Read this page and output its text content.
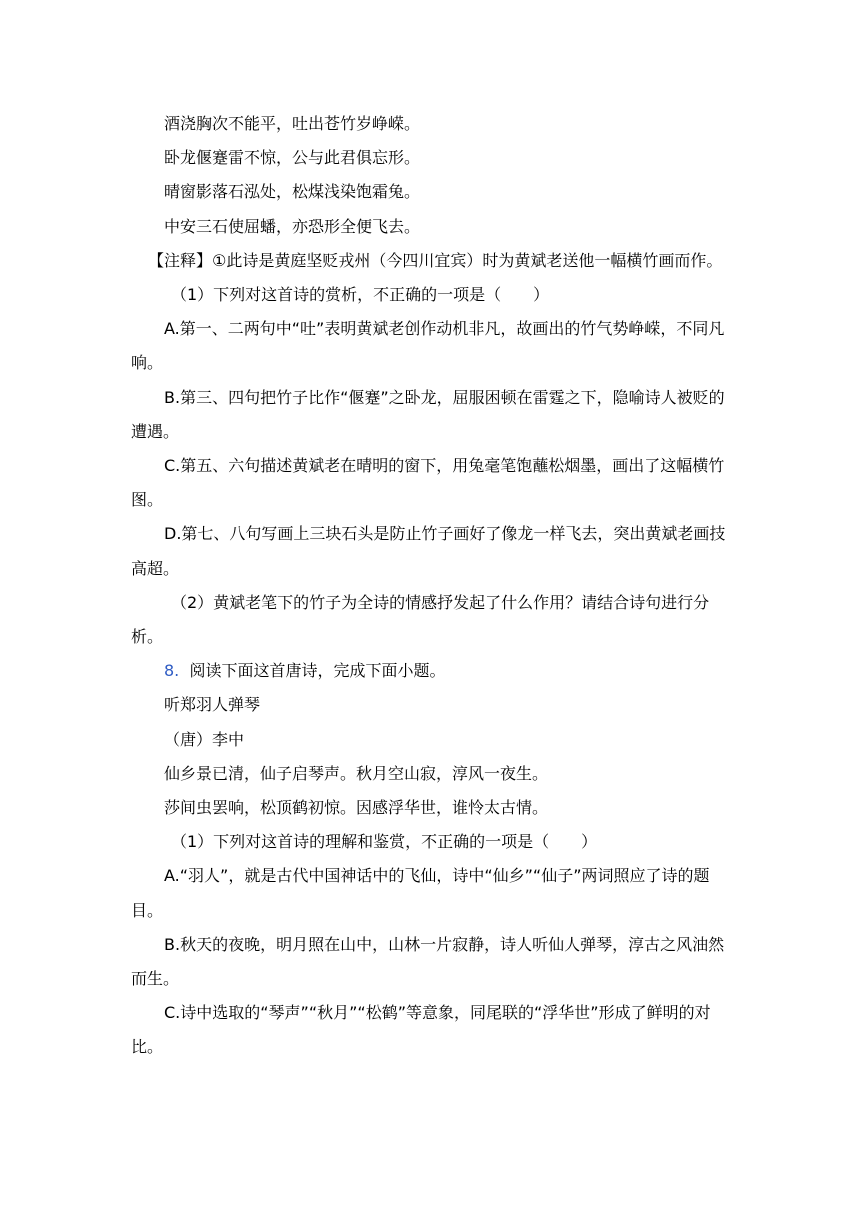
酒浇胸次不能平，吐出苍竹岁峥嵘。

卧龙偃蹇雷不惊，公与此君俱忘形。

晴窗影落石泓处，松煤浅染饱霜兔。

中安三石使屈蟠，亦恐形全便飞去。

【注释】①此诗是黄庭坚贬戎州（今四川宜宾）时为黄斌老送他一幅横竹画而作。

（1）下列对这首诗的赏析，不正确的一项是（　　）

A.第一、二两句中“吐”表明黄斌老创作动机非凡，故画出的竹气势峥嵘，不同凡响。

B.第三、四句把竹子比作“偃蹇”之卧龙，屈服困顿在雷霆之下，隐喻诗人被贬的遭遇。

C.第五、六句描述黄斌老在晴明的窗下，用兔毫笔饱蘸松烟墨，画出了这幅横竹图。

D.第七、八句写画上三块石头是防止竹子画好了像龙一样飞去，突出黄斌老画技高超。

（2）黄斌老笔下的竹子为全诗的情感抒发起了什么作用？请结合诗句进行分析。

8. 阅读下面这首唐诗，完成下面小题。

听郑羽人弹琴

（唐）李中

仙乡景已清，仙子启琴声。秋月空山寂，淳风一夜生。

莎间虫罢响，松顶鹤初惊。因感浮华世，谁怜太古情。

（1）下列对这首诗的理解和鉴赏，不正确的一项是（　　）

A.“羽人”，就是古代中国神话中的飞仙，诗中“仙乡”“仙子”两词照应了诗的题目。

B.秋天的夜晚，明月照在山中，山林一片寂静，诗人听仙人弹琴，淳古之风油然而生。

C.诗中选取的“琴声”“秋月”“松鹤”等意象，同尾联的“浮华世”形成了鲜明的对比。
